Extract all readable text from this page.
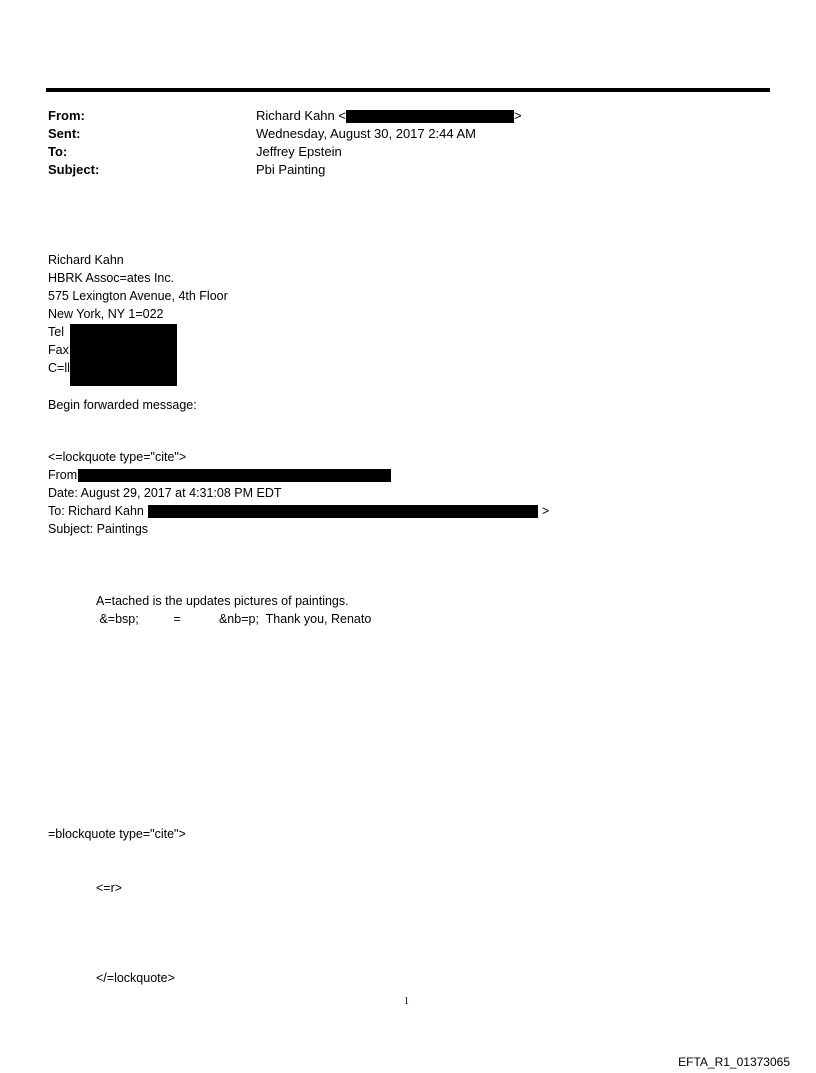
From:	Richard Kahn <	>
Sent:	Wednesday, August 30, 2017 2:44 AM
To:	Jeffrey Epstein
Subject:	Pbi Painting
Richard Kahn
HBRK Assoc=ates Inc.
575 Lexington Avenue, 4th Floor
New York, NY 1=022
Tel
Fax
C=ll
Begin forwarded message:
<=lockquote type="cite">
From
Date: August 29, 2017 at 4:31:08 PM EDT
To: Richard Kahn	>
Subject: Paintings
A=tached is the updates pictures of paintings.
&=bsp;          =           &nb=p;  Thank you, Renato
=blockquote type="cite">
<=r>
</=lockquote>
1
EFTA_R1_01373065
